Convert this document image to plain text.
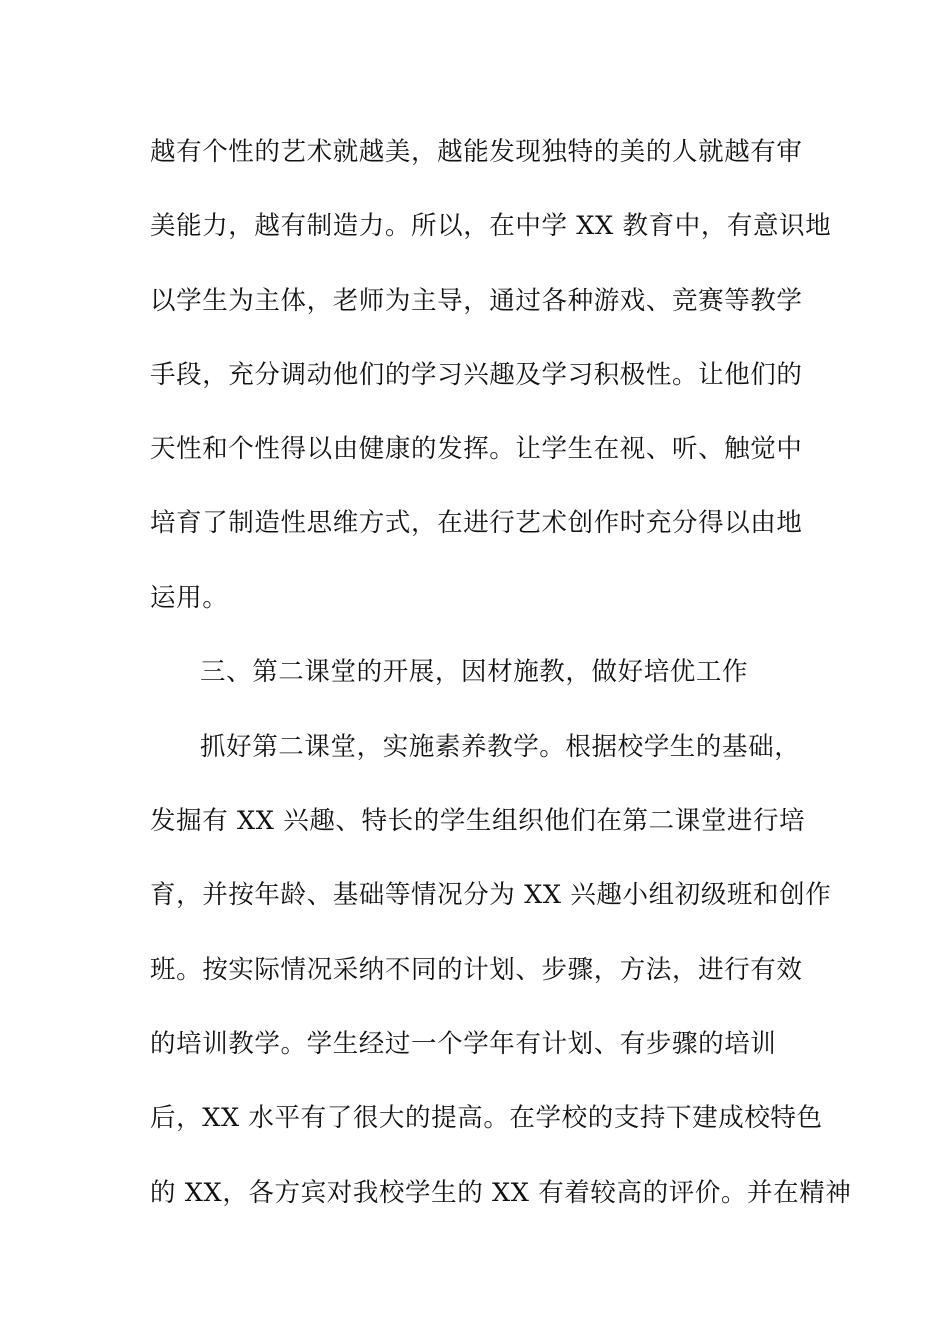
越有个性的艺术就越美，越能发现独特的美的人就越有审
美能力，越有制造力。所以，在中学 XX 教育中，有意识地
以学生为主体，老师为主导，通过各种游戏、竞赛等教学
手段，充分调动他们的学习兴趣及学习积极性。让他们的
天性和个性得以由健康的发挥。让学生在视、听、触觉中
培育了制造性思维方式，在进行艺术创作时充分得以由地
运用。
三、第二课堂的开展，因材施教，做好培优工作
抓好第二课堂，实施素养教学。根据校学生的基础，
发掘有 XX 兴趣、特长的学生组织他们在第二课堂进行培
育，并按年龄、基础等情况分为 XX 兴趣小组初级班和创作
班。按实际情况采纳不同的计划、步骤，方法，进行有效
的培训教学。学生经过一个学年有计划、有步骤的培训
后，XX 水平有了很大的提高。在学校的支持下建成校特色
的 XX，各方宾对我校学生的 XX 有着较高的评价。并在精神
